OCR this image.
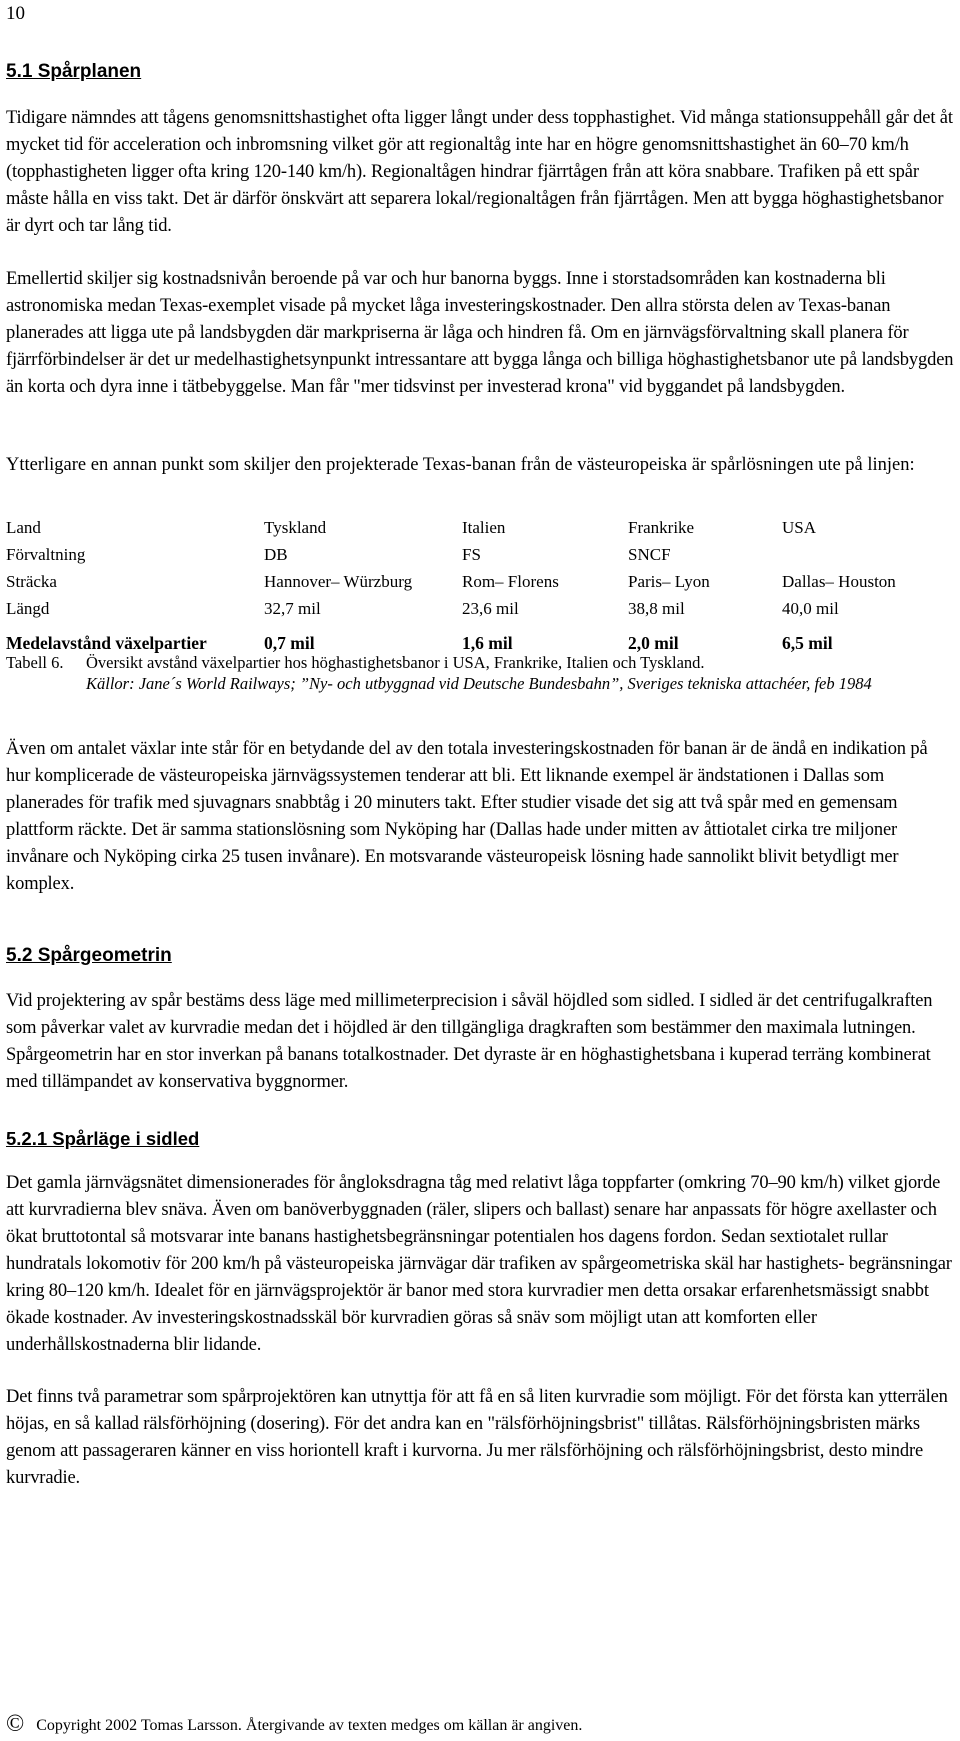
10
5.1 Spårplanen

Tidigare nämndes att tågens genomsnittshastighet ofta ligger långt under dess topphastighet. Vid många stationsuppehåll går det åt mycket tid för acceleration och inbromsning vilket gör att regionaltåg inte har en högre genomsnittshastighet än 60–70 km/h (topphastigheten ligger ofta kring 120-140 km/h). Regionaltågen hindrar fjärrtågen från att köra snabbare. Trafiken på ett spår måste hålla en viss takt. Det är därför önskvärt att separera lokal/regionaltågen från fjärrtågen. Men att bygga höghastighetsbanor är dyrt och tar lång tid.

Emellertid skiljer sig kostnadsnivån beroende på var och hur banorna byggs. Inne i storstadsområden kan kostnaderna bli astronomiska medan Texas-exemplet visade på mycket låga investeringskostnader. Den allra största delen av Texas-banan planerades att ligga ute på landsbygden där markpriserna är låga och hindren få. Om en järnvägsförvaltning skall planera för fjärrförbindelser är det ur medelhastighetsynpunkt intressantare att bygga långa och billiga höghastighetsbanor ute på landsbygden än korta och dyra inne i tätbebyggelse. Man får "mer tidsvinst per investerad krona" vid byggandet på landsbygden.

Ytterligare en annan punkt som skiljer den projekterade Texas-banan från de västeuropeiska är spårlösningen ute på linjen:

Land	Tyskland	Italien	Frankrike	USA
Förvaltning	DB	FS	SNCF	
Sträcka	Hannover– Würzburg	Rom– Florens	Paris– Lyon	Dallas– Houston
Längd	32,7 mil	23,6 mil	38,8 mil	40,0 mil
Medelavstånd växelpartier	0,7 mil	1,6 mil	2,0 mil	6,5 mil
Tabell 6.	Översikt avstånd växelpartier hos höghastighetsbanor i USA, Frankrike, Italien och Tyskland.
Källor: Jane´s World Railways; ”Ny- och utbyggnad vid Deutsche Bundesbahn”, Sveriges tekniska attachéer, feb 1984

Även om antalet växlar inte står för en betydande del av den totala investeringskostnaden för banan är de ändå en indikation på hur komplicerade de västeuropeiska järnvägssystemen tenderar att bli. Ett liknande exempel är ändstationen i Dallas som planerades för trafik med sjuvagnars snabbtåg i 20 minuters takt. Efter studier visade det sig att två spår med en gemensam plattform räckte. Det är samma stationslösning som Nyköping har (Dallas hade under mitten av åttiotalet cirka tre miljoner invånare och Nyköping cirka 25 tusen invånare). En motsvarande västeuropeisk lösning hade sannolikt blivit betydligt mer komplex.

5.2 Spårgeometrin

Vid projektering av spår bestäms dess läge med millimeterprecision i såväl höjdled som sidled. I sidled är det centrifugalkraften som påverkar valet av kurvradie medan det i höjdled är den tillgängliga dragkraften som bestämmer den maximala lutningen. Spårgeometrin har en stor inverkan på banans totalkostnader. Det dyraste är en höghastighetsbana i kuperad terräng kombinerat med tillämpandet av konservativa byggnormer.

5.2.1 Spårläge i sidled

Det gamla järnvägsnätet dimensionerades för ångloksdragna tåg med relativt låga toppfarter (omkring 70–90 km/h) vilket gjorde att kurvradierna blev snäva. Även om banöverbyggnaden (räler, slipers och ballast) senare har anpassats för högre axellaster och ökat bruttotontal så motsvarar inte banans hastighetsbegränsningar potentialen hos dagens fordon. Sedan sextiotalet rullar hundratals lokomotiv för 200 km/h på västeuropeiska järnvägar där trafiken av spårgeometriska skäl har hastighets- begränsningar kring 80–120 km/h. Idealet för en järnvägsprojektör är banor med stora kurvradier men detta orsakar erfarenhetsmässigt snabbt ökade kostnader. Av investeringskostnadsskäl bör kurvradien göras så snäv som möjligt utan att komforten eller underhållskostnaderna blir lidande.

Det finns två parametrar som spårprojektören kan utnyttja för att få en så liten kurvradie som möjligt. För det första kan ytterrälen höjas, en så kallad rälsförhöjning (dosering). För det andra kan en "rälsförhöjningsbrist" tillåtas. Rälsförhöjningsbristen märks genom att passageraren känner en viss horiontell kraft i kurvorna. Ju mer rälsförhöjning och rälsförhöjningsbrist, desto mindre kurvradie.

© Copyright 2002 Tomas Larsson. Återgivande av texten medges om källan är angiven.
